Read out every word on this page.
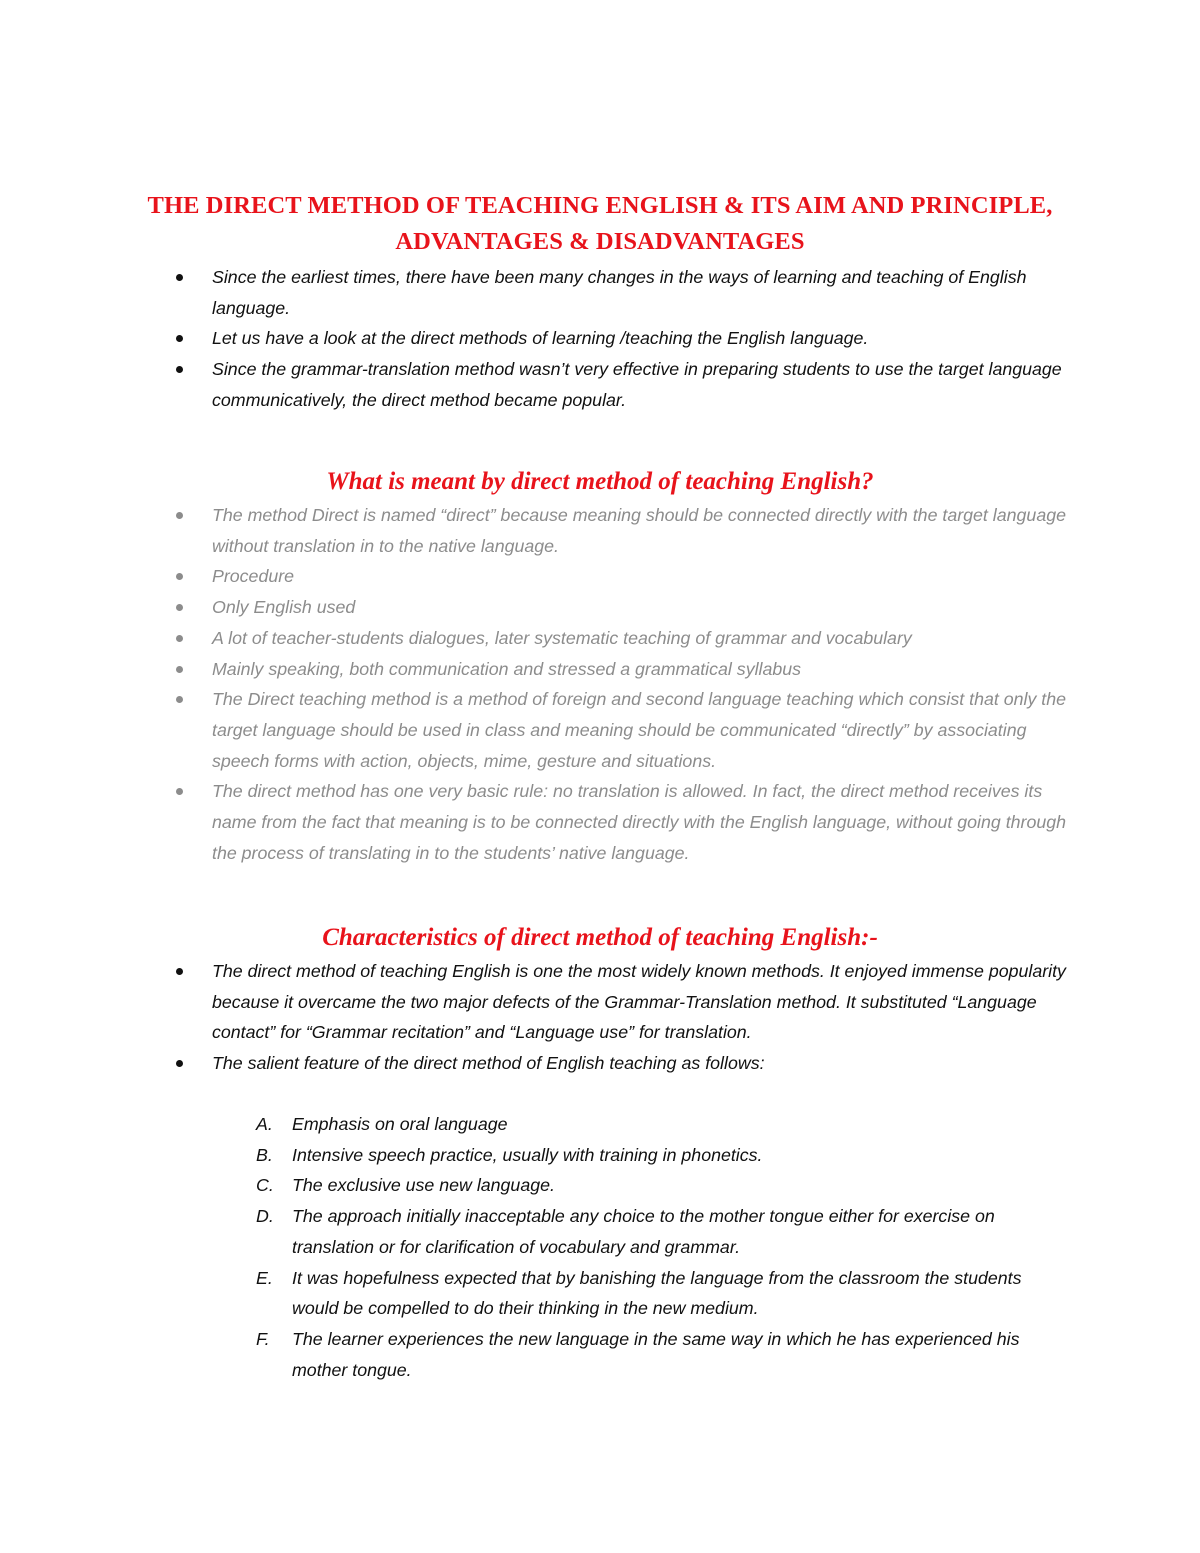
THE DIRECT METHOD OF TEACHING ENGLISH & ITS AIM AND PRINCIPLE,
ADVANTAGES & DISADVANTAGES
Since the earliest times, there have been many changes in the ways of learning and teaching of English language.
Let us have a look at the direct methods of learning /teaching the English language.
Since the grammar-translation method wasn’t very effective in preparing students to use the target language communicatively, the direct method became popular.
What is meant by direct method of teaching English?
The method Direct is named “direct” because meaning should be connected directly with the target language without translation in to the native language.
Procedure
Only English used
A lot of teacher-students dialogues, later systematic teaching of grammar and vocabulary
Mainly speaking, both communication and stressed a grammatical syllabus
The Direct teaching method is a method of foreign and second language teaching which consist that only the target language should be used in class and meaning should be communicated “directly” by associating speech forms with action, objects, mime, gesture and situations.
The direct method has one very basic rule: no translation is allowed. In fact, the direct method receives its name from the fact that meaning is to be connected directly with the English language, without going through the process of translating in to the students’ native language.
Characteristics of direct method of teaching English:-
The direct method of teaching English is one the most widely known methods. It enjoyed immense popularity because it overcame the two major defects of the Grammar-Translation method. It substituted “Language contact” for “Grammar recitation” and “Language use” for translation.
The salient feature of the direct method of English teaching as follows:
A. Emphasis on oral language
B. Intensive speech practice, usually with training in phonetics.
C. The exclusive use new language.
D. The approach initially inacceptable any choice to the mother tongue either for exercise on translation or for clarification of vocabulary and grammar.
E. It was hopefulness expected that by banishing the language from the classroom the students would be compelled to do their thinking in the new medium.
F. The learner experiences the new language in the same way in which he has experienced his mother tongue.
